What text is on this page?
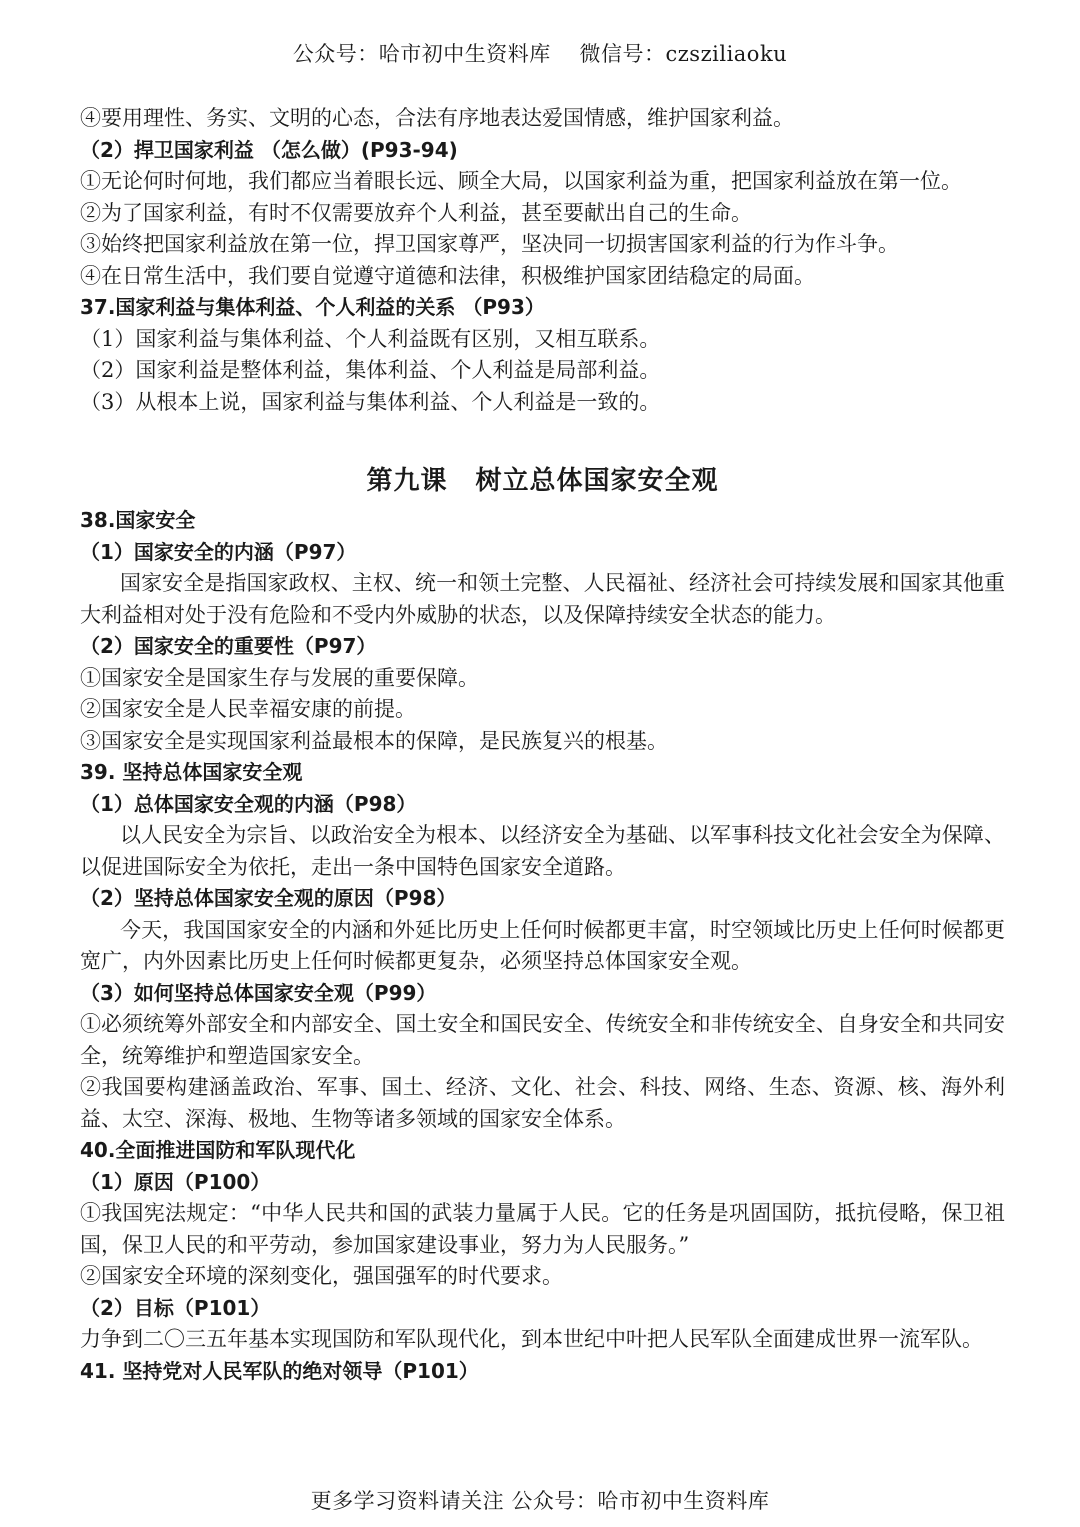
公众号：哈市初中生资料库　 微信号：czsziliaoku
④要用理性、务实、文明的心态，合法有序地表达爱国情感，维护国家利益。
（2）捍卫国家利益 （怎么做）(P93-94)
①无论何时何地，我们都应当着眼长远、顾全大局，以国家利益为重，把国家利益放在第一位。
②为了国家利益，有时不仅需要放弃个人利益，甚至要献出自己的生命。
③始终把国家利益放在第一位，捍卫国家尊严，坚决同一切损害国家利益的行为作斗争。
④在日常生活中，我们要自觉遵守道德和法律，积极维护国家团结稳定的局面。
37.国家利益与集体利益、个人利益的关系 （P93）
（1）国家利益与集体利益、个人利益既有区别，又相互联系。
（2）国家利益是整体利益，集体利益、个人利益是局部利益。
（3）从根本上说，国家利益与集体利益、个人利益是一致的。
第九课 树立总体国家安全观
38.国家安全
（1）国家安全的内涵（P97）
国家安全是指国家政权、主权、统一和领土完整、人民福祉、经济社会可持续发展和国家其他重大利益相对处于没有危险和不受内外威胁的状态，以及保障持续安全状态的能力。
（2）国家安全的重要性（P97）
①国家安全是国家生存与发展的重要保障。
②国家安全是人民幸福安康的前提。
③国家安全是实现国家利益最根本的保障，是民族复兴的根基。
39. 坚持总体国家安全观
（1）总体国家安全观的内涵（P98）
以人民安全为宗旨、以政治安全为根本、以经济安全为基础、以军事科技文化社会安全为保障、以促进国际安全为依托，走出一条中国特色国家安全道路。
（2）坚持总体国家安全观的原因（P98）
今天，我国国家安全的内涵和外延比历史上任何时候都更丰富，时空领域比历史上任何时候都更宽广，内外因素比历史上任何时候都更复杂，必须坚持总体国家安全观。
（3）如何坚持总体国家安全观（P99）
①必须统筹外部安全和内部安全、国土安全和国民安全、传统安全和非传统安全、自身安全和共同安全，统筹维护和塑造国家安全。
②我国要构建涵盖政治、军事、国土、经济、文化、社会、科技、网络、生态、资源、核、海外利益、太空、深海、极地、生物等诸多领域的国家安全体系。
40.全面推进国防和军队现代化
（1）原因（P100）
①我国宪法规定：“中华人民共和国的武装力量属于人民。它的任务是巩固国防，抵抗侵略，保卫祖国，保卫人民的和平劳动，参加国家建设事业，努力为人民服务。”
②国家安全环境的深刻变化，强国强军的时代要求。
（2）目标（P101）
力争到二〇三五年基本实现国防和军队现代化，到本世纪中叶把人民军队全面建成世界一流军队。
41. 坚持党对人民军队的绝对领导（P101）
更多学习资料请关注 公众号：哈市初中生资料库
